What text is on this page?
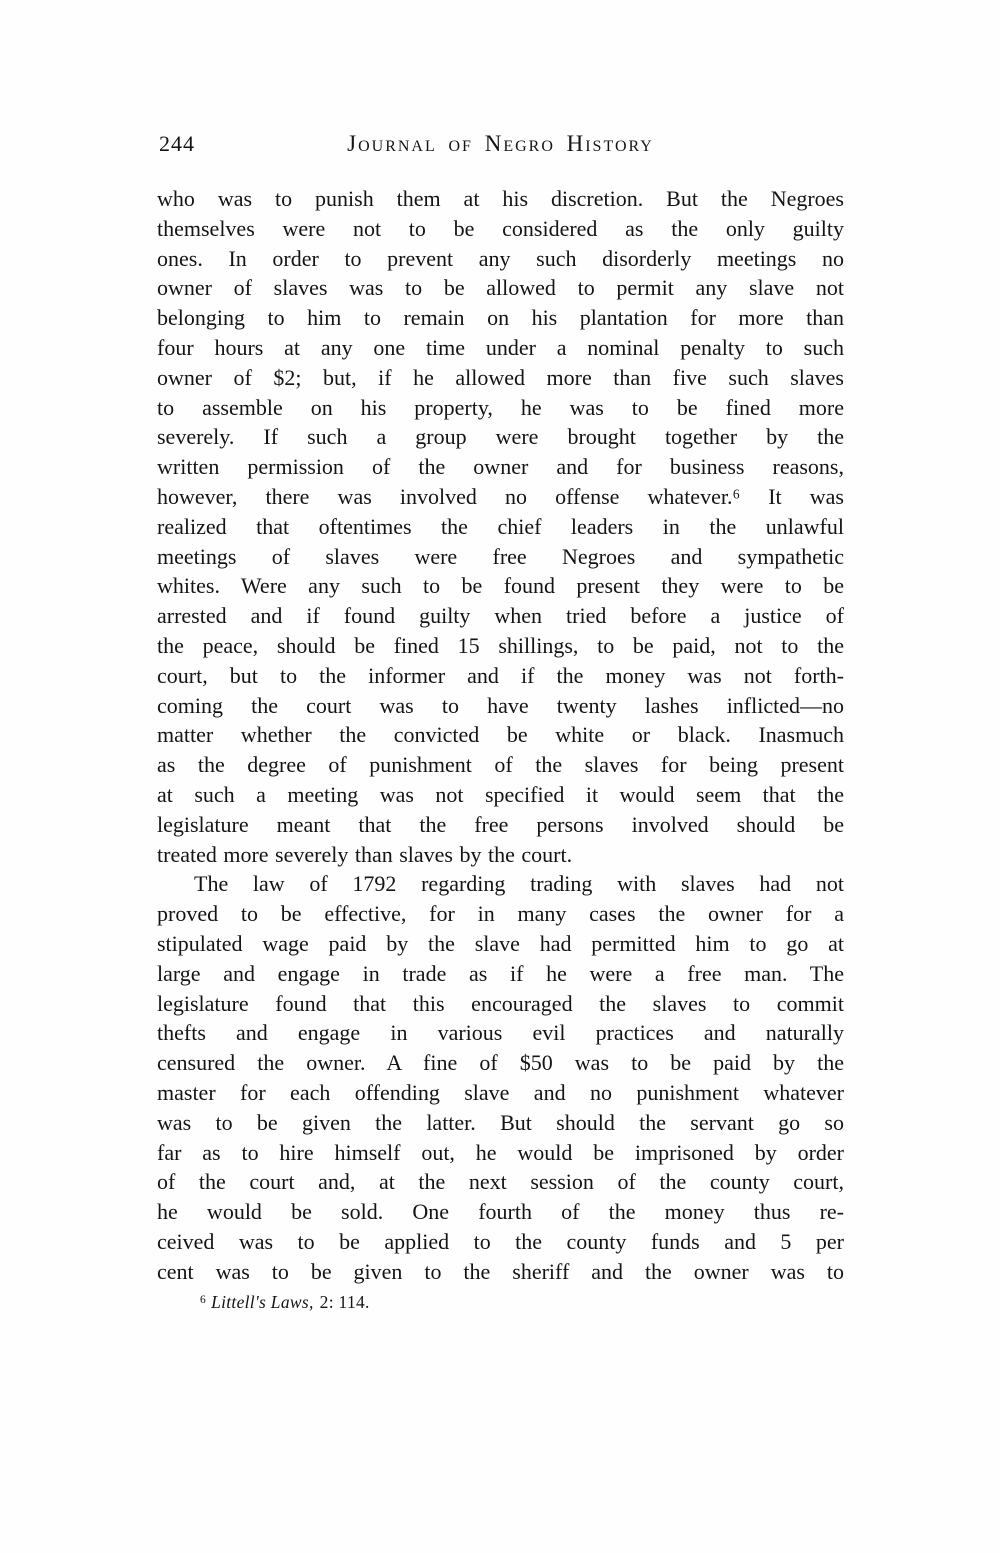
244	Journal of Negro History
who was to punish them at his discretion. But the Negroes
themselves were not to be considered as the only guilty
ones. In order to prevent any such disorderly meetings no
owner of slaves was to be allowed to permit any slave not
belonging to him to remain on his plantation for more than
four hours at any one time under a nominal penalty to such
owner of $2; but, if he allowed more than five such slaves
to assemble on his property, he was to be fined more
severely. If such a group were brought together by the
written permission of the owner and for business reasons,
however, there was involved no offense whatever.⁶ It was
realized that oftentimes the chief leaders in the unlawful
meetings of slaves were free Negroes and sympathetic
whites. Were any such to be found present they were to be
arrested and if found guilty when tried before a justice of
the peace, should be fined 15 shillings, to be paid, not to the
court, but to the informer and if the money was not forth-
coming the court was to have twenty lashes inflicted—no
matter whether the convicted be white or black. Inasmuch
as the degree of punishment of the slaves for being present
at such a meeting was not specified it would seem that the
legislature meant that the free persons involved should be
treated more severely than slaves by the court.
The law of 1792 regarding trading with slaves had not
proved to be effective, for in many cases the owner for a
stipulated wage paid by the slave had permitted him to go at
large and engage in trade as if he were a free man. The
legislature found that this encouraged the slaves to commit
thefts and engage in various evil practices and naturally
censured the owner. A fine of $50 was to be paid by the
master for each offending slave and no punishment whatever
was to be given the latter. But should the servant go so
far as to hire himself out, he would be imprisoned by order
of the court and, at the next session of the county court,
he would be sold. One fourth of the money thus re-
ceived was to be applied to the county funds and 5 per
cent was to be given to the sheriff and the owner was to
$^6$ Littell's Laws, 2: 114.
